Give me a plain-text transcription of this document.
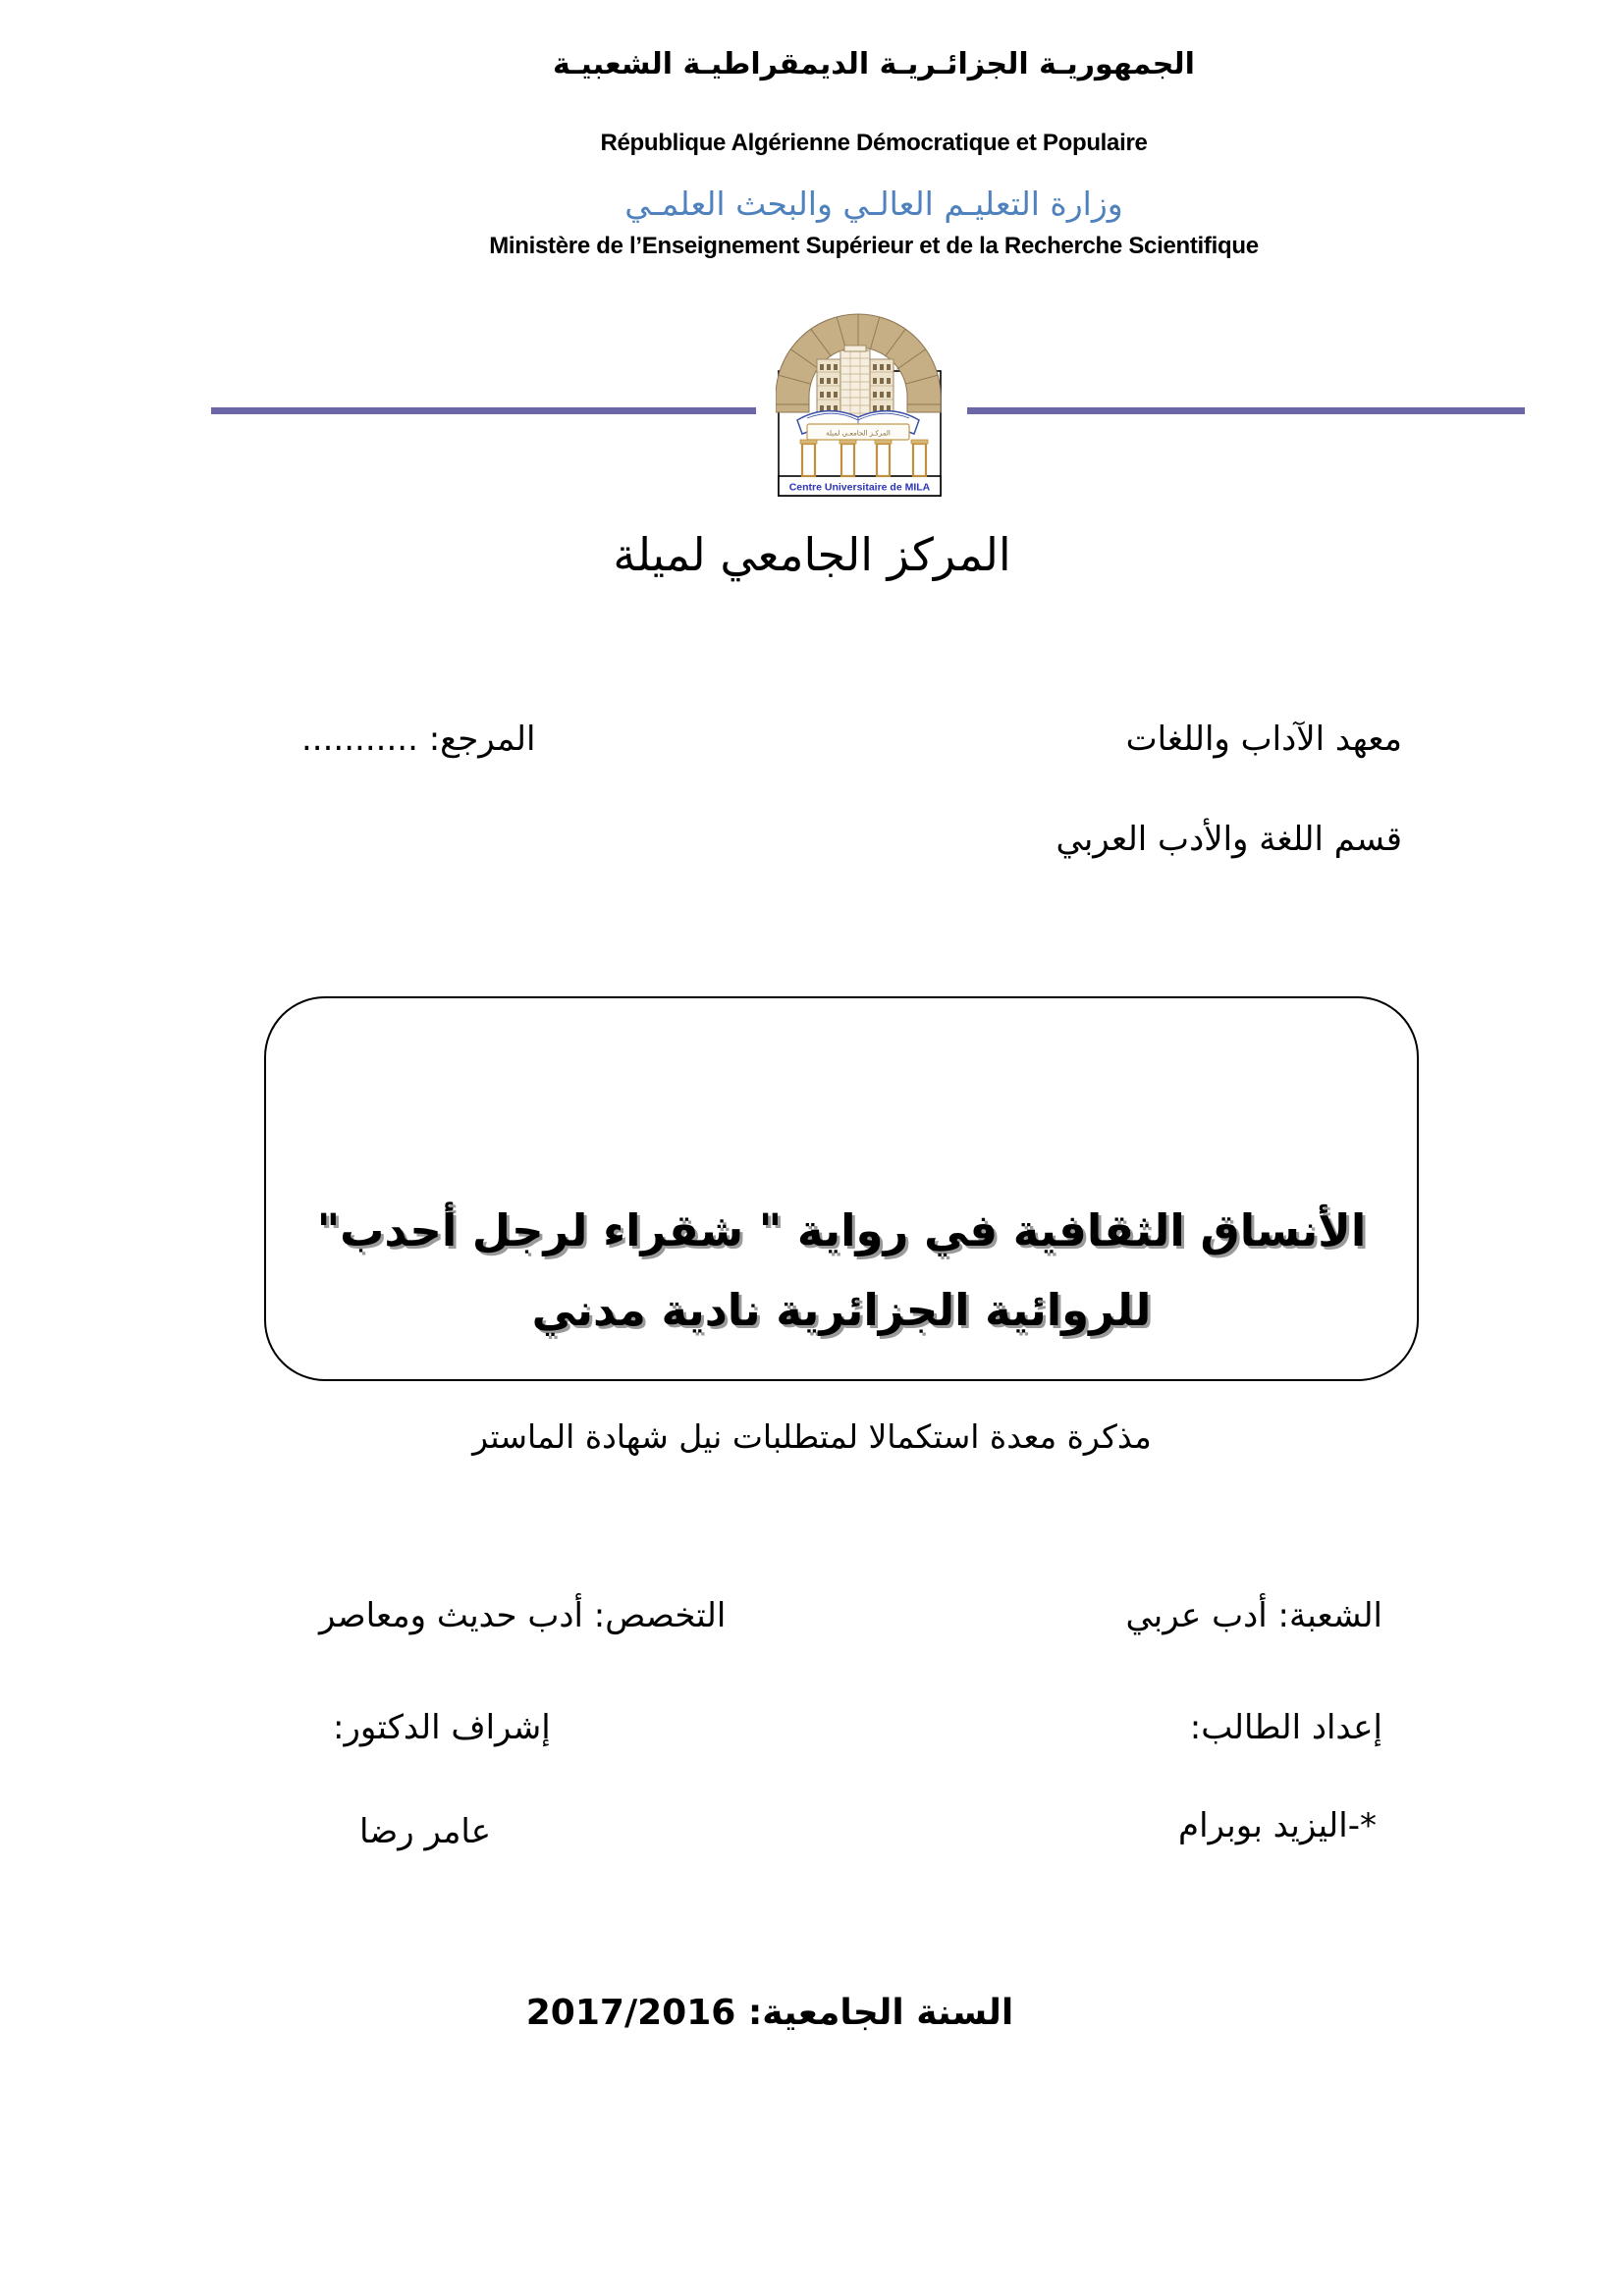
الجمهوريـة الجزائـريـة الديمقراطيـة الشعبيـة
République Algérienne Démocratique et Populaire
وزارة التعليـم العالـي والبحث العلمـي
Ministère de l’Enseignement Supérieur et de la Recherche Scientifique
المركـز الجامعـي لميلة
Centre Universitaire de MILA
المركز الجامعي لميلة
معهد الآداب واللغات
المرجع: ...........
قسم اللغة والأدب العربي
الأنساق الثقافية في رواية " شقراء لرجل أحدب"
للروائية الجزائرية نادية مدني
مذكرة معدة استكمالا لمتطلبات نيل شهادة الماستر
الشعبة: أدب عربي
التخصص: أدب حديث ومعاصر
إعداد الطالب:
إشراف الدكتور:
*-اليزيد بوبرام
عامر رضا
السنة الجامعية: 2017/2016
